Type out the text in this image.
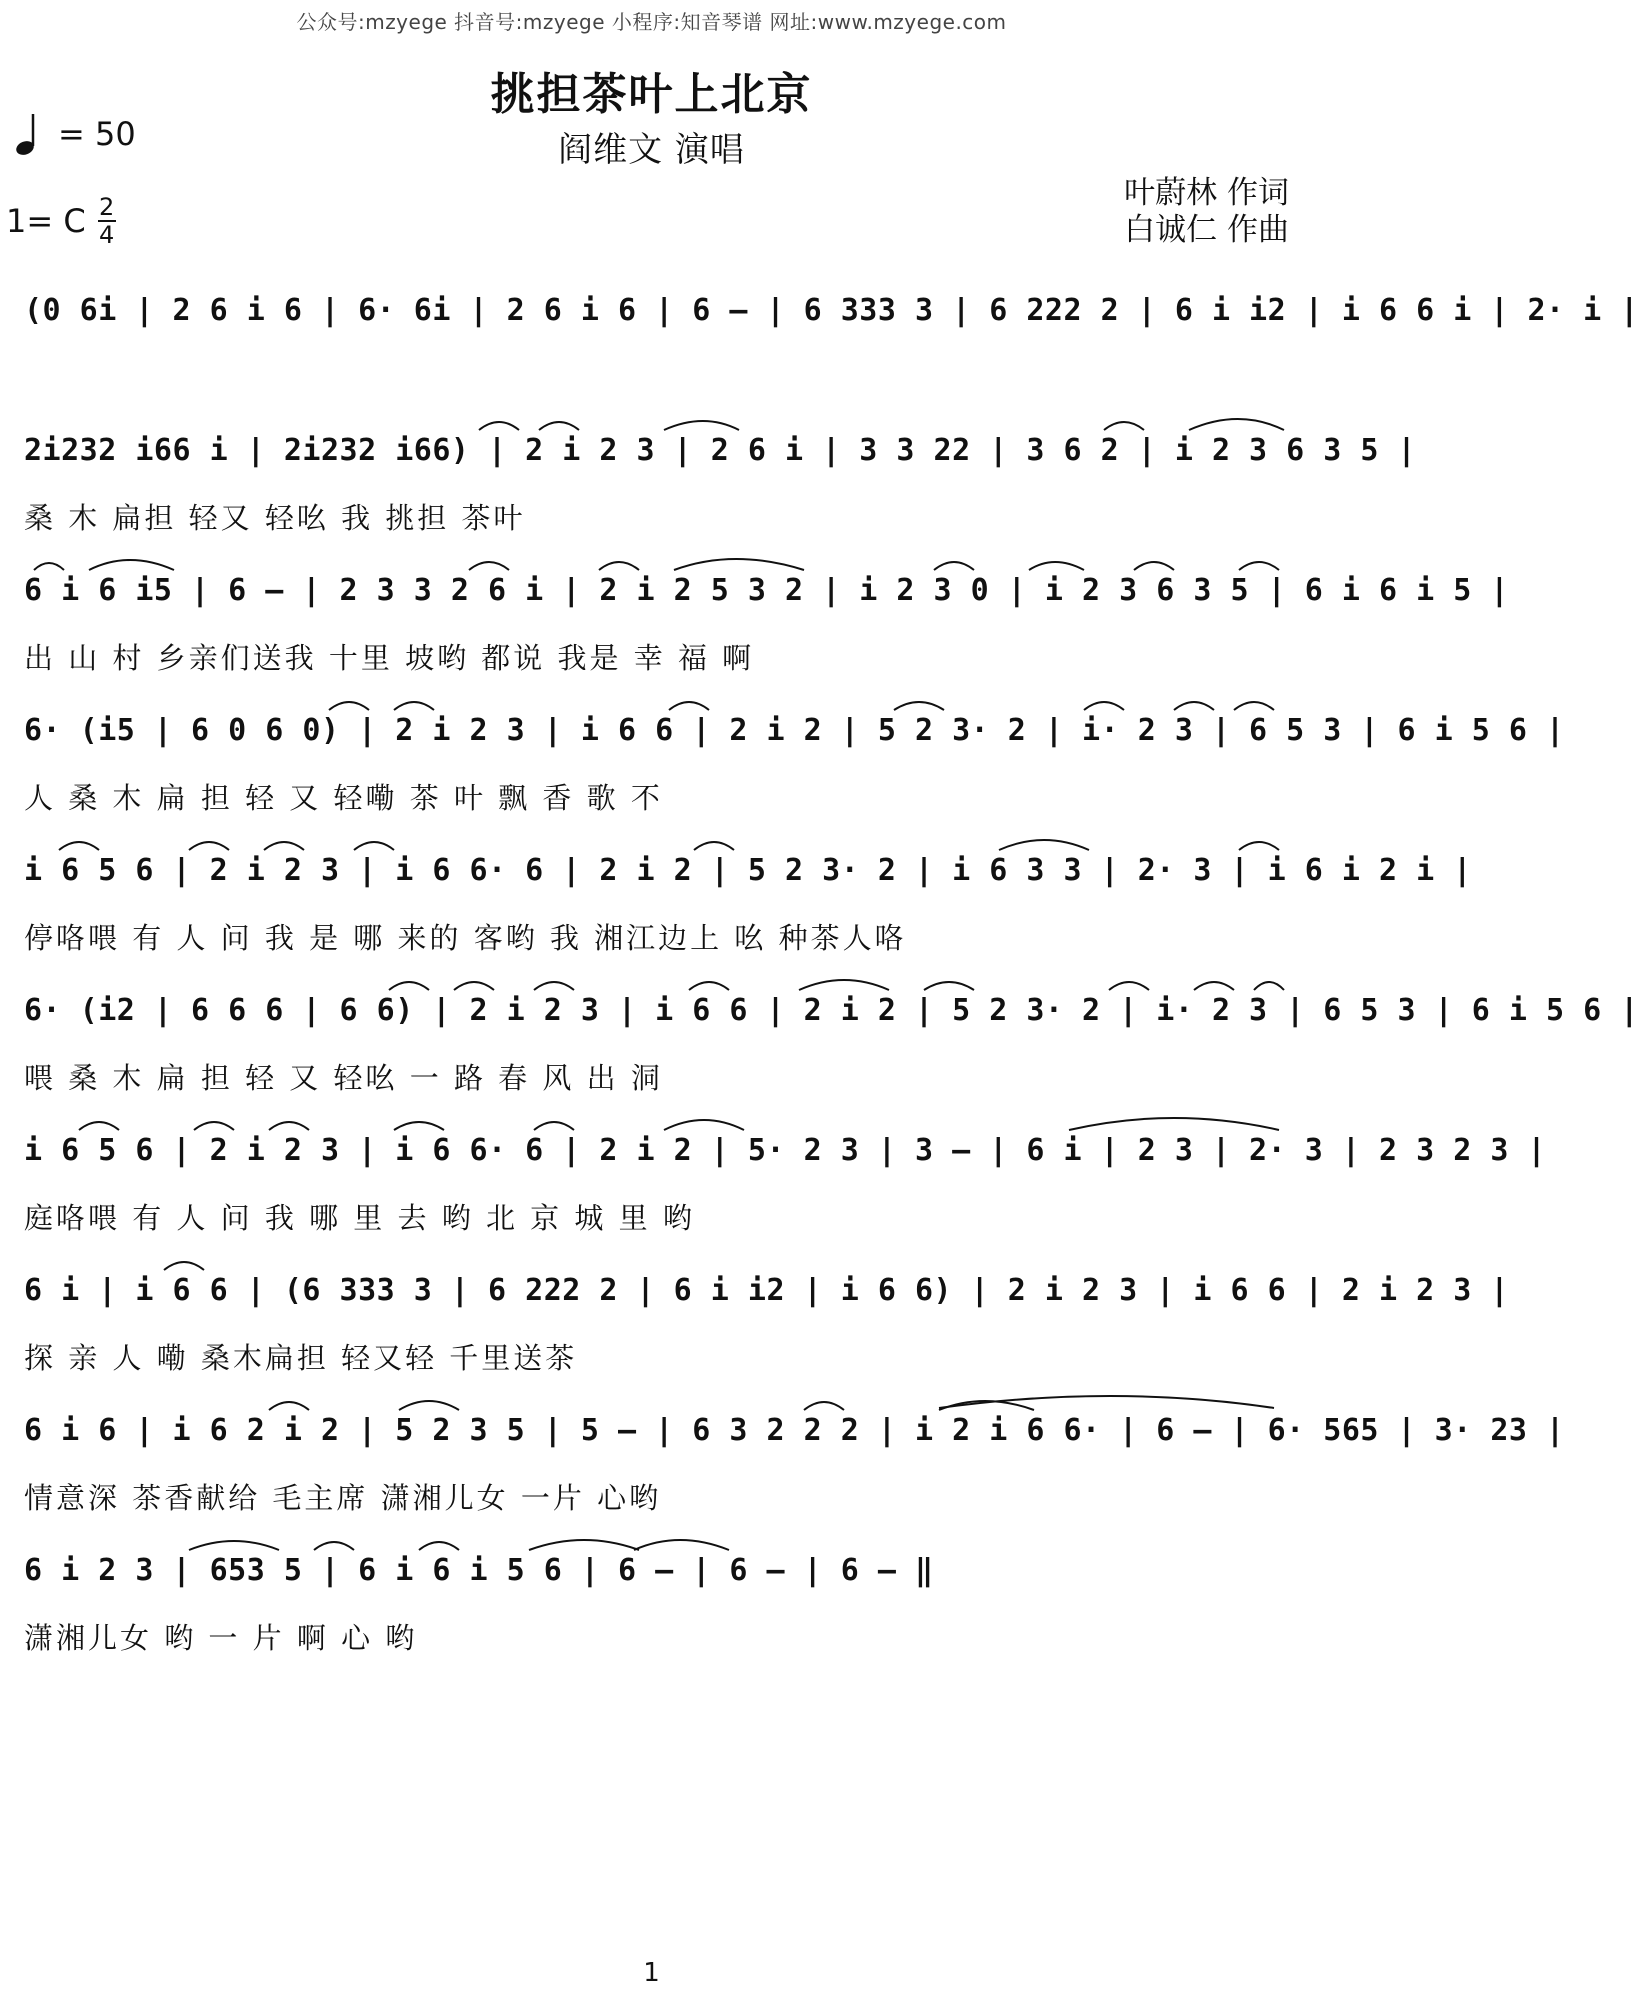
公众号:mzyege 抖音号:mzyege 小程序:知音琴谱 网址:www.mzyege.com
= 50
挑担茶叶上北京
阎维文 演唱
1= C 2
4
叶蔚林 作词
白诚仁 作曲
(0 6i | 2 6 i 6 | 6· 6i | 2 6 i 6 | 6 — | 6 333 3 | 6 222 2 | 6 i i2 | i 6 6 i | 2· i |
2i232 i66 i | 2i232 i66) | 2 i 2 3 | 2 6 i | 3 3 22 | 3 6 2 | i 2 3 6 3 5 |
桑 木 扁担 轻又 轻吆 我 挑担 茶叶
6 i 6 i5 | 6 — | 2 3 3 2 6 i | 2 i 2 5 3 2 | i 2 3 0 | i 2 3 6 3 5 | 6 i 6 i 5 |
出 山 村 乡亲们送我 十里 坡哟 都说 我是 幸 福 啊
6· (i5 | 6 0 6 0) | 2 i 2 3 | i 6 6 | 2 i 2 | 5 2 3· 2 | i· 2 3 | 6 5 3 | 6 i 5 6 |
人 桑 木 扁 担 轻 又 轻嘞 茶 叶 飘 香 歌 不
i 6 5 6 | 2 i 2 3 | i 6 6· 6 | 2 i 2 | 5 2 3· 2 | i 6 3 3 | 2· 3 | i 6 i 2 i |
停咯喂 有 人 问 我 是 哪 来的 客哟 我 湘江边上 吆 种茶人咯
6· (i2 | 6 6 6 | 6 6) | 2 i 2 3 | i 6 6 | 2 i 2 | 5 2 3· 2 | i· 2 3 | 6 5 3 | 6 i 5 6 |
喂 桑 木 扁 担 轻 又 轻吆 一 路 春 风 出 洞
i 6 5 6 | 2 i 2 3 | i 6 6· 6 | 2 i 2 | 5· 2 3 | 3 — | 6 i | 2 3 | 2· 3 | 2 3 2 3 |
庭咯喂 有 人 问 我 哪 里 去 哟 北 京 城 里 哟
6 i | i 6 6 | (6 333 3 | 6 222 2 | 6 i i2 | i 6 6) | 2 i 2 3 | i 6 6 | 2 i 2 3 |
探 亲 人 嘞 桑木扁担 轻又轻 千里送茶
6 i 6 | i 6 2 i 2 | 5 2 3 5 | 5 — | 6 3 2 2 2 | i 2 i 6 6· | 6 — | 6· 565 | 3· 23 |
情意深 茶香献给 毛主席 潇湘儿女 一片 心哟
6 i 2 3 | 653 5 | 6 i 6 i 5 6 | 6 — | 6 — | 6 — ‖
潇湘儿女 哟 一 片 啊 心 哟
1
